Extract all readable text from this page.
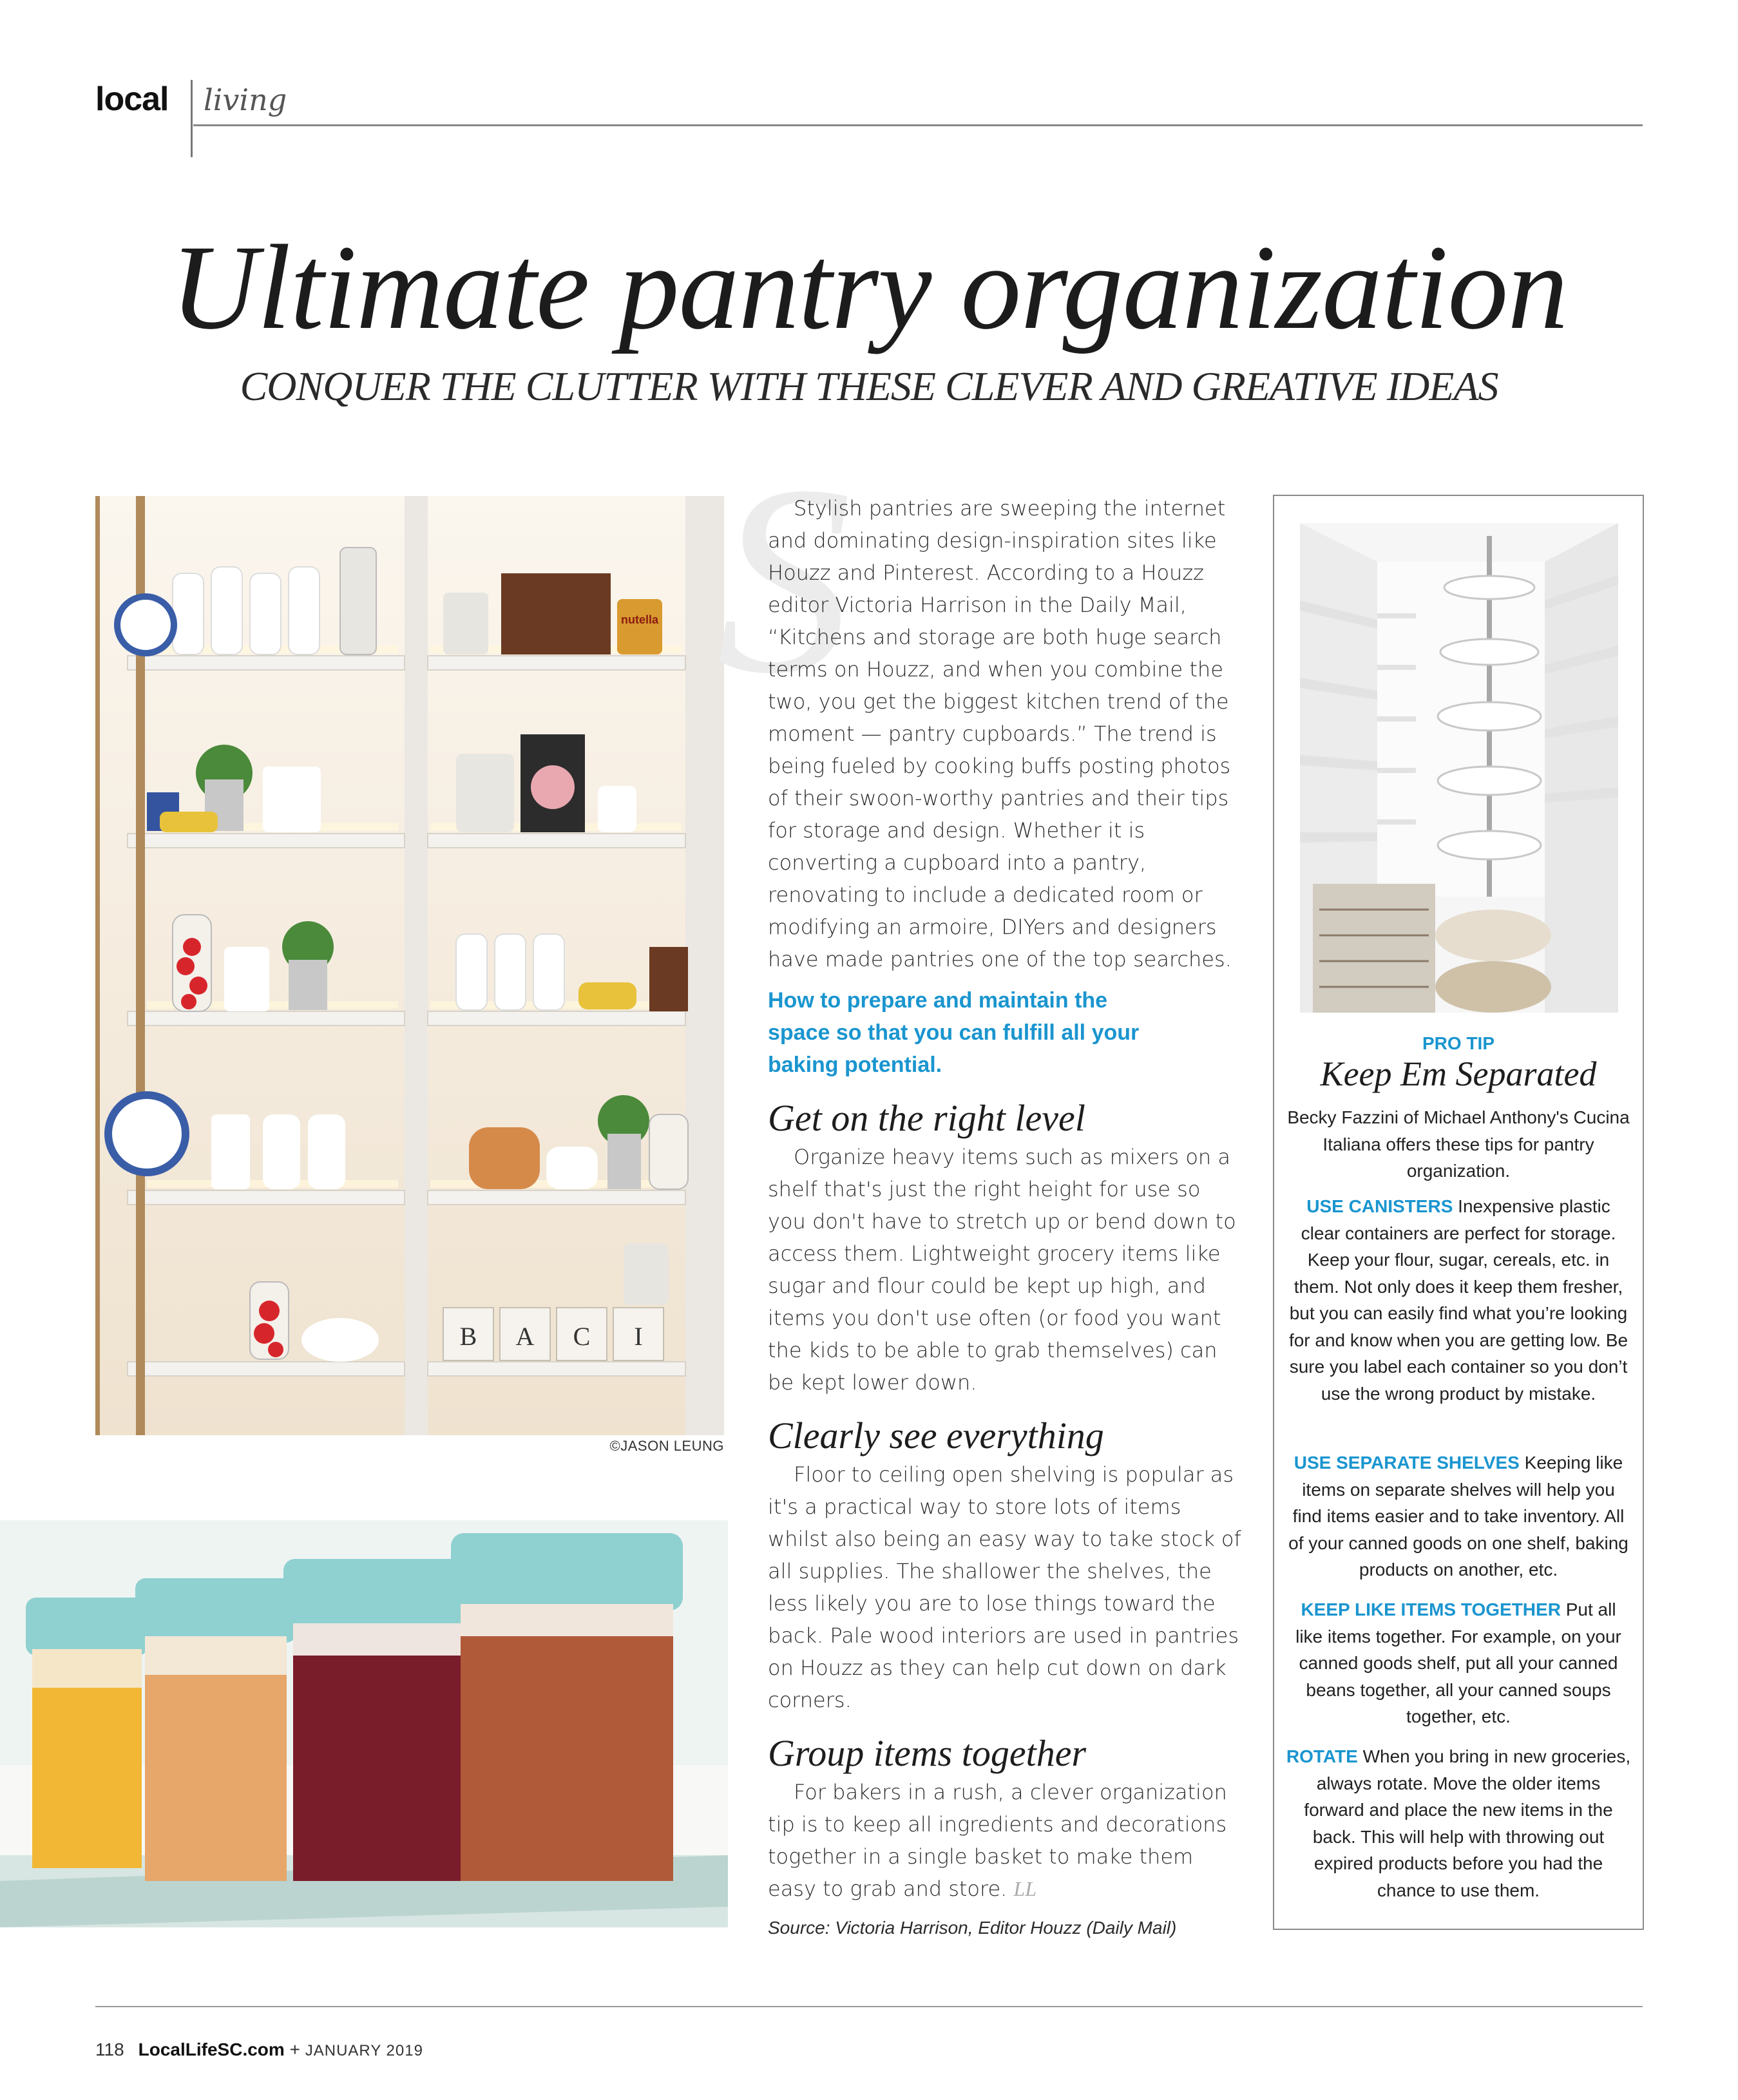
local living
Ultimate pantry organization
CONQUER THE CLUTTER WITH THESE CLEVER AND GREATIVE IDEAS
nutella
B A C I
©JASON LEUNG
S

Stylish pantries are sweeping the internet and dominating design-inspiration sites like Houzz and Pinterest. According to a Houzz editor Victoria Harrison in the Daily Mail, “Kitchens and storage are both huge search terms on Houzz, and when you combine the two, you get the biggest kitchen trend of the moment — pantry cupboards.” The trend is being fueled by cooking buffs posting photos of their swoon-worthy pantries and their tips for storage and design. Whether it is converting a cupboard into a pantry, renovating to include a dedicated room or modifying an armoire, DIYers and designers have made pantries one of the top searches.

How to prepare and maintain the space so that you can fulfill all your baking potential.

Get on the right level

Organize heavy items such as mixers on a shelf that's just the right height for use so you don't have to stretch up or bend down to access them. Lightweight grocery items like sugar and flour could be kept up high, and items you don't use often (or food you want the kids to be able to grab themselves) can be kept lower down.

Clearly see everything

Floor to ceiling open shelving is popular as it's a practical way to store lots of items whilst also being an easy way to take stock of all supplies. The shallower the shelves, the less likely you are to lose things toward the back. Pale wood interiors are used in pantries on Houzz as they can help cut down on dark corners.

Group items together

For bakers in a rush, a clever organization tip is to keep all ingredients and decorations together in a single basket to make them easy to grab and store. LL

Source: Victoria Harrison, Editor Houzz (Daily Mail)
PRO TIP
Keep Em Separated

Becky Fazzini of Michael Anthony's Cucina Italiana offers these tips for pantry organization.

USE CANISTERS Inexpensive plastic clear containers are perfect for storage. Keep your flour, sugar, cereals, etc. in them. Not only does it keep them fresher, but you can easily find what you’re looking for and know when you are getting low. Be sure you label each container so you don’t use the wrong product by mistake.

USE SEPARATE SHELVES Keeping like items on separate shelves will help you find items easier and to take inventory. All of your canned goods on one shelf, baking products on another, etc.

KEEP LIKE ITEMS TOGETHER Put all like items together. For example, on your canned goods shelf, put all your canned beans together, all your canned soups together, etc.

ROTATE When you bring in new groceries, always rotate. Move the older items forward and place the new items in the back. This will help with throwing out expired products before you had the chance to use them.

118 LocalLifeSC.com + JANUARY 2019
